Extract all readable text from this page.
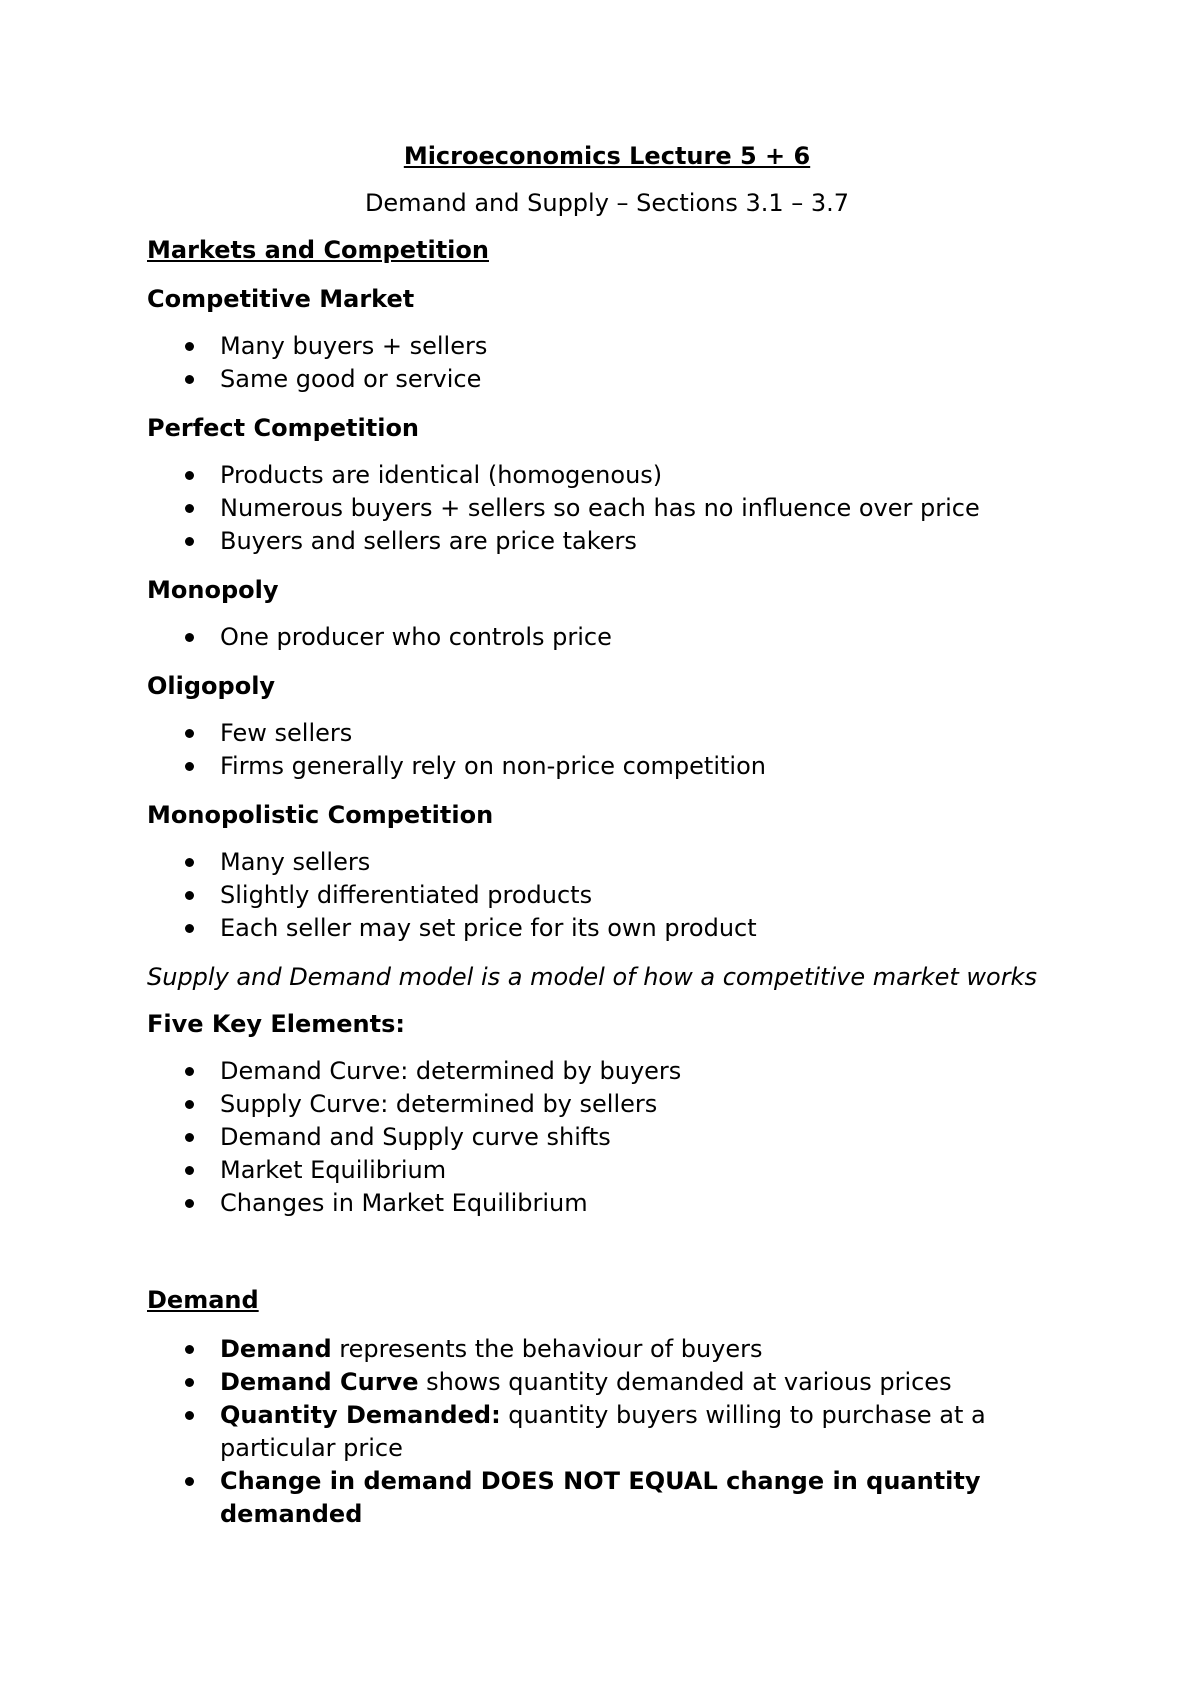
Microeconomics Lecture 5 + 6
Demand and Supply – Sections 3.1 – 3.7
Markets and Competition
Competitive Market
Many buyers + sellers
Same good or service
Perfect Competition
Products are identical (homogenous)
Numerous buyers + sellers so each has no influence over price
Buyers and sellers are price takers
Monopoly
One producer who controls price
Oligopoly
Few sellers
Firms generally rely on non-price competition
Monopolistic Competition
Many sellers
Slightly differentiated products
Each seller may set price for its own product
Supply and Demand model is a model of how a competitive market works
Five Key Elements:
Demand Curve: determined by buyers
Supply Curve: determined by sellers
Demand and Supply curve shifts
Market Equilibrium
Changes in Market Equilibrium
Demand
Demand represents the behaviour of buyers
Demand Curve shows quantity demanded at various prices
Quantity Demanded: quantity buyers willing to purchase at a particular price
Change in demand DOES NOT EQUAL change in quantity demanded
